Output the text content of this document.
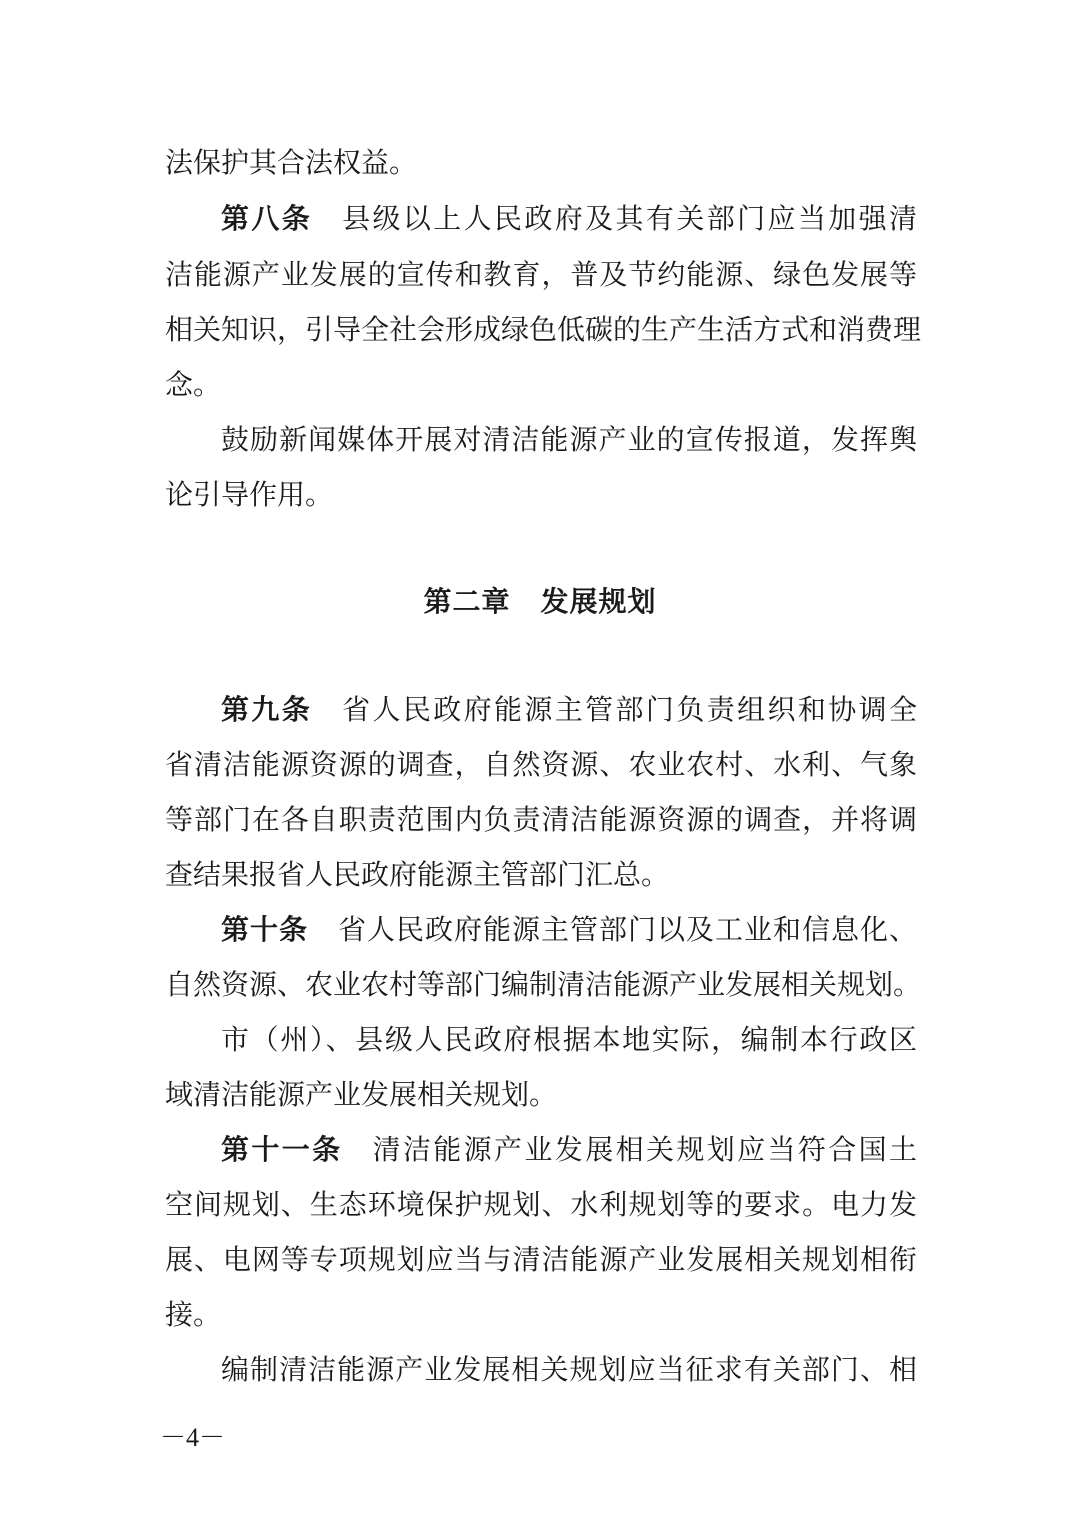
法保护其合法权益。
第八条 县级以上人民政府及其有关部门应当加强清
洁能源产业发展的宣传和教育，普及节约能源、绿色发展等
相关知识，引导全社会形成绿色低碳的生产生活方式和消费理
念。
鼓励新闻媒体开展对清洁能源产业的宣传报道，发挥舆
论引导作用。
第二章 发展规划
第九条 省人民政府能源主管部门负责组织和协调全
省清洁能源资源的调查，自然资源、农业农村、水利、气象
等部门在各自职责范围内负责清洁能源资源的调查，并将调
查结果报省人民政府能源主管部门汇总。
第十条 省人民政府能源主管部门以及工业和信息化、
自然资源、农业农村等部门编制清洁能源产业发展相关规划。
市（州）、县级人民政府根据本地实际，编制本行政区
域清洁能源产业发展相关规划。
第十一条 清洁能源产业发展相关规划应当符合国土
空间规划、生态环境保护规划、水利规划等的要求。电力发
展、电网等专项规划应当与清洁能源产业发展相关规划相衔
接。
编制清洁能源产业发展相关规划应当征求有关部门、相
－4－
